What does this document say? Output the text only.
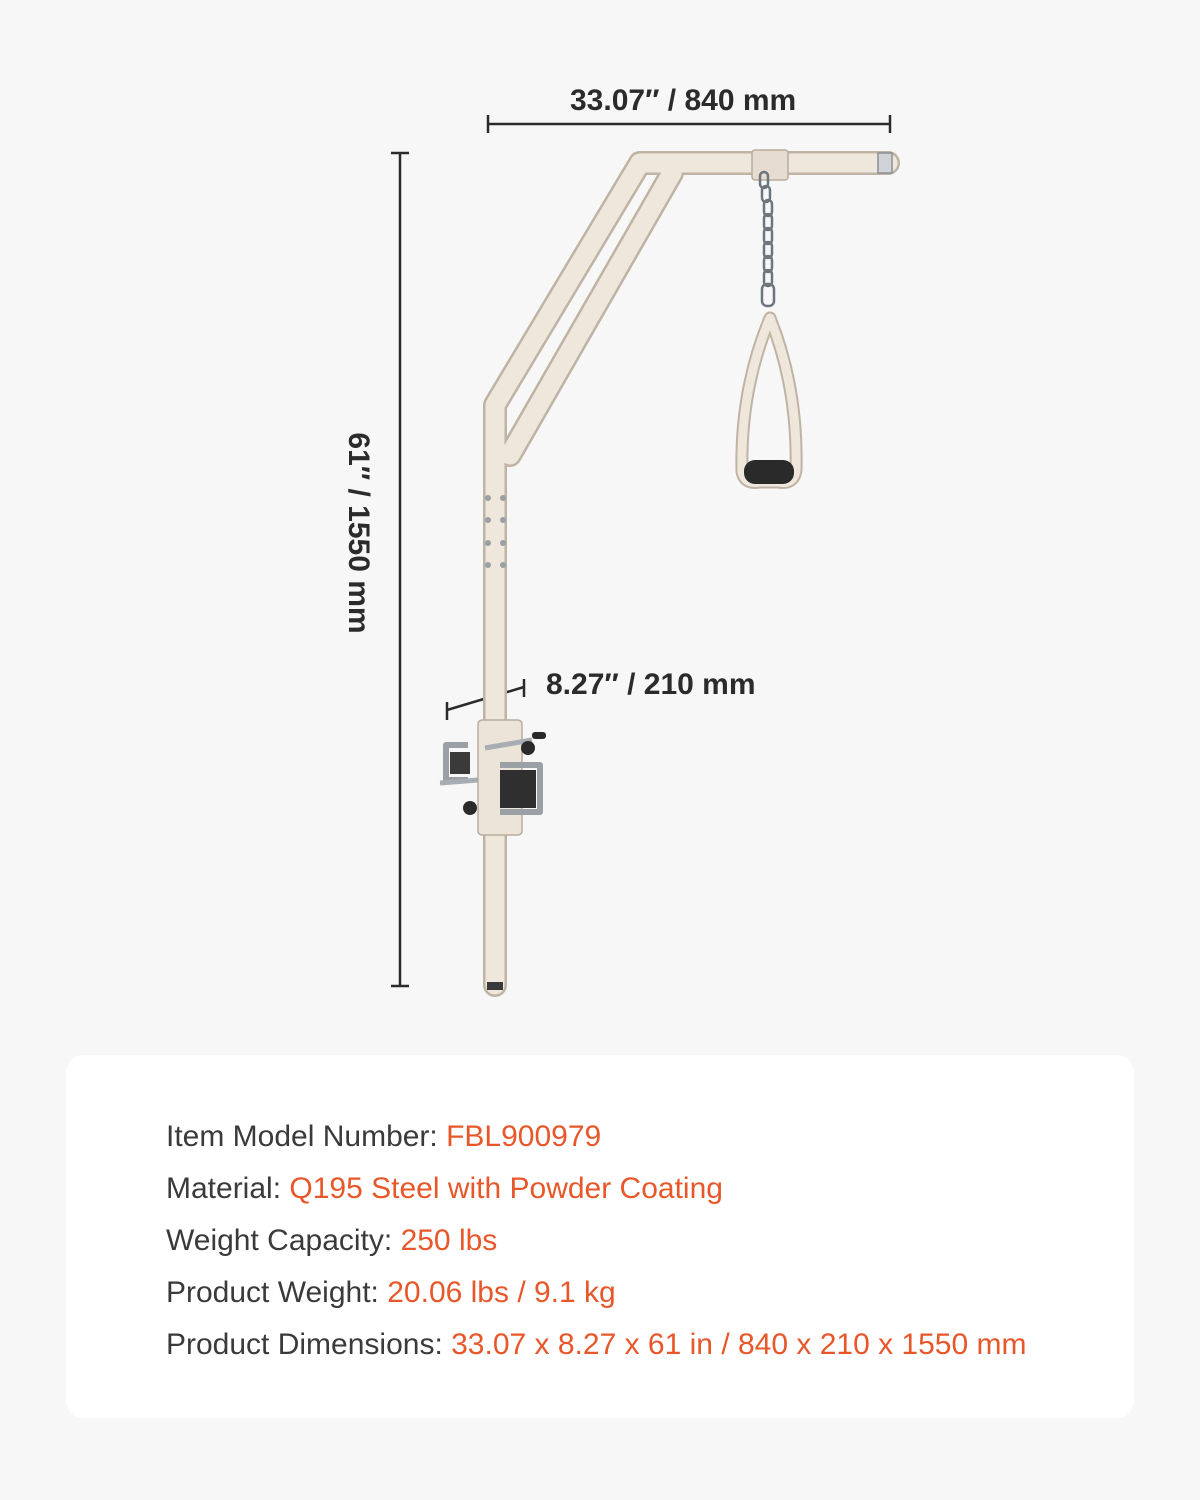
33.07′′ / 840 mm
61′′ / 1550 mm
8.27′′ / 210 mm
Item Model Number: FBL900979
Material: Q195 Steel with Powder Coating
Weight Capacity: 250 lbs
Product Weight: 20.06 lbs / 9.1 kg
Product Dimensions: 33.07 x 8.27 x 61 in / 840 x 210 x 1550 mm
